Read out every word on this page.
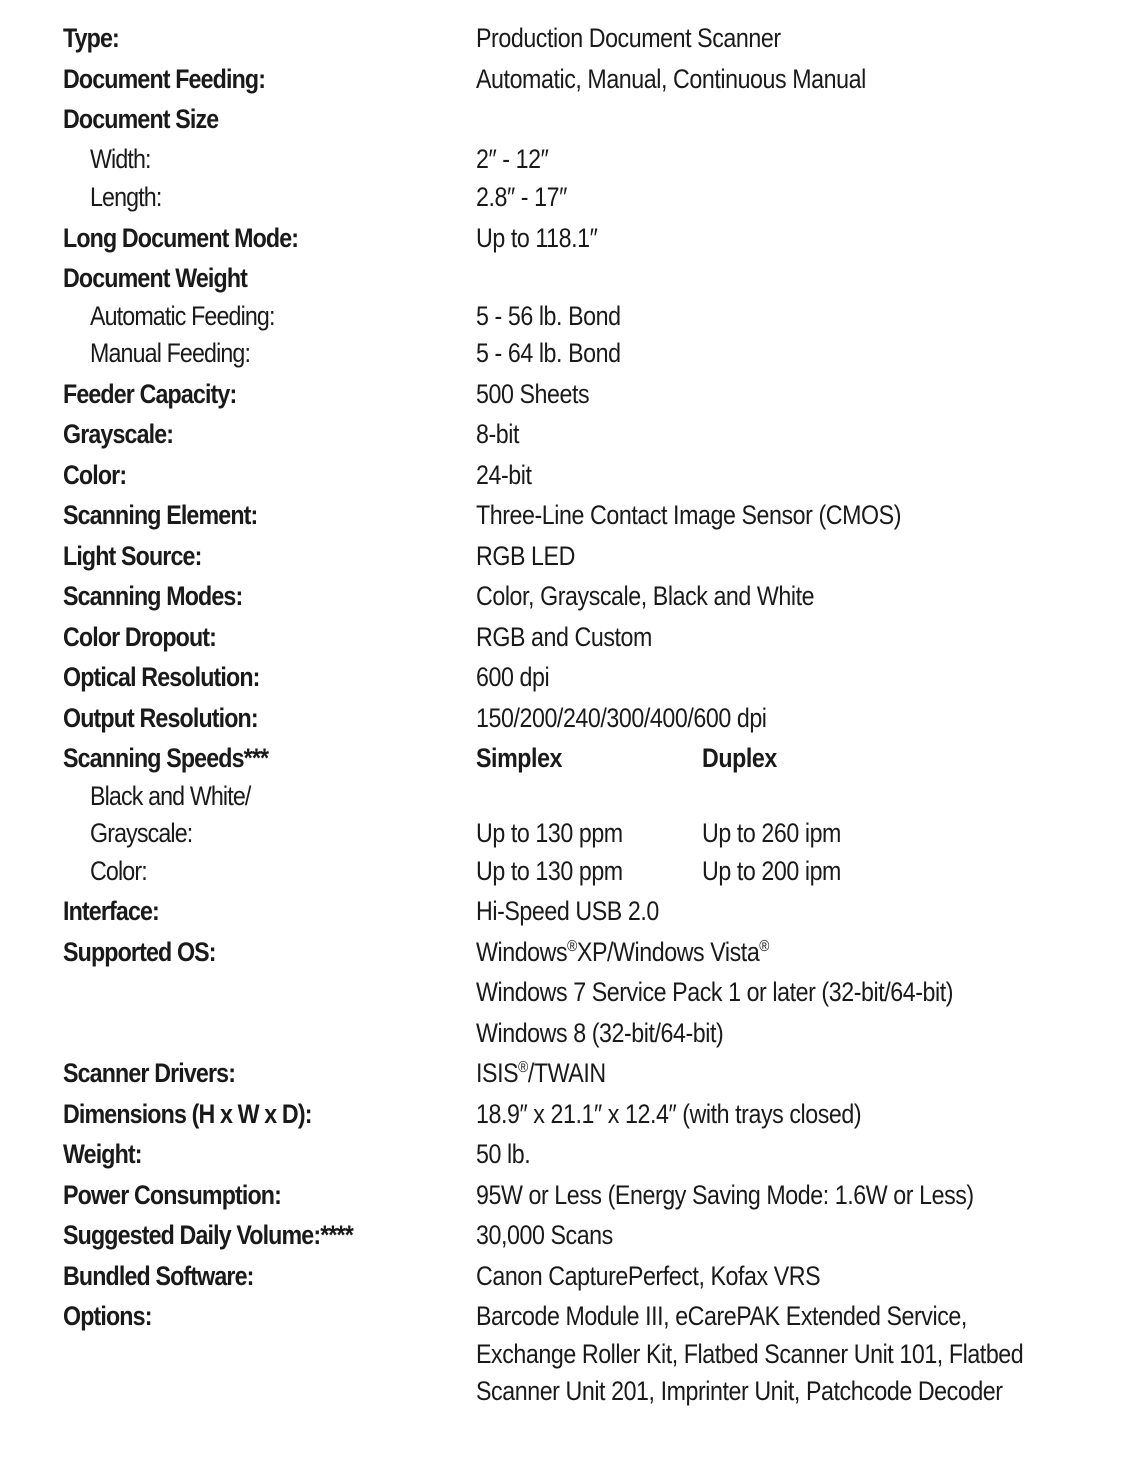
Type:	Production Document Scanner
Document Feeding:	Automatic, Manual, Continuous Manual
Document Size
Width:	2″ - 12″
Length:	2.8″ - 17″
Long Document Mode:	Up to 118.1″
Document Weight
Automatic Feeding:	5 - 56 lb. Bond
Manual Feeding:	5 - 64 lb. Bond
Feeder Capacity:	500 Sheets
Grayscale:	8-bit
Color:	24-bit
Scanning Element:	Three-Line Contact Image Sensor (CMOS)
Light Source:	RGB LED
Scanning Modes:	Color, Grayscale, Black and White
Color Dropout:	RGB and Custom
Optical Resolution:	600 dpi
Output Resolution:	150/200/240/300/400/600 dpi
Scanning Speeds***	Simplex	Duplex
Black and White/
Grayscale:	Up to 130 ppm	Up to 260 ipm
Color:	Up to 130 ppm	Up to 200 ipm
Interface:	Hi-Speed USB 2.0
Supported OS:	Windows®XP/Windows Vista®
Windows 7 Service Pack 1 or later (32-bit/64-bit)
Windows 8 (32-bit/64-bit)
Scanner Drivers:	ISIS®/TWAIN
Dimensions (H x W x D):	18.9″ x 21.1″ x 12.4″ (with trays closed)
Weight:	50 lb.
Power Consumption:	95W or Less (Energy Saving Mode: 1.6W or Less)
Suggested Daily Volume:****	30,000 Scans
Bundled Software:	Canon CapturePerfect, Kofax VRS
Options:	Barcode Module III, eCarePAK Extended Service,
Exchange Roller Kit, Flatbed Scanner Unit 101, Flatbed
Scanner Unit 201, Imprinter Unit, Patchcode Decoder
